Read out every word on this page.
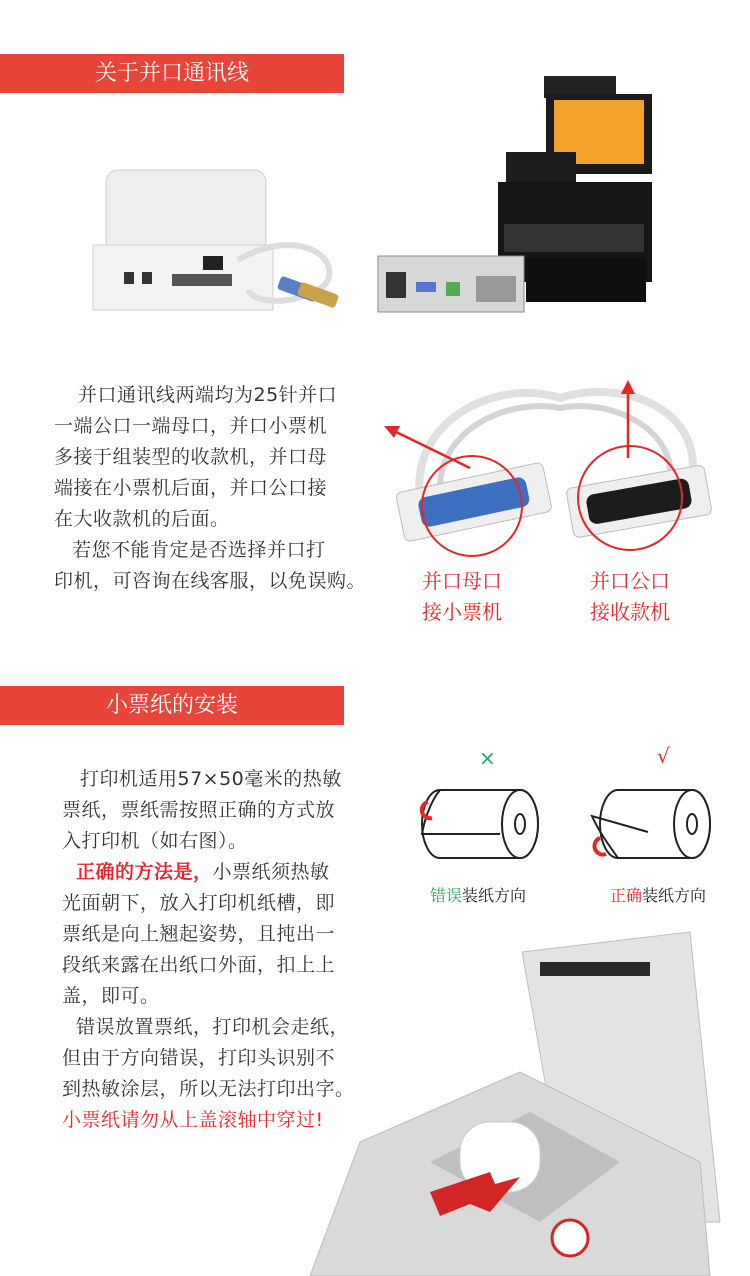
关于并口通讯线

并口通讯线两端均为25针并口

一端公口一端母口，并口小票机

多接于组装型的收款机，并口母

端接在小票机后面，并口公口接

在大收款机的后面。

若您不能肯定是否选择并口打

印机，可咨询在线客服，以免误购。	并口母口
接小票机
并口公口
接收款机
小票纸的安装

打印机适用57×50毫米的热敏

票纸，票纸需按照正确的方式放

入打印机（如右图）。

正确的方法是，小票纸须热敏

光面朝下，放入打印机纸槽，即

票纸是向上翘起姿势，且扽出一

段纸来露在出纸口外面，扣上上

盖，即可。

错误放置票纸，打印机会走纸，

但由于方向错误，打印头识别不

到热敏涂层，所以无法打印出字。

小票纸请勿从上盖滚轴中穿过!

×	√
错误装纸方向	正确装纸方向
